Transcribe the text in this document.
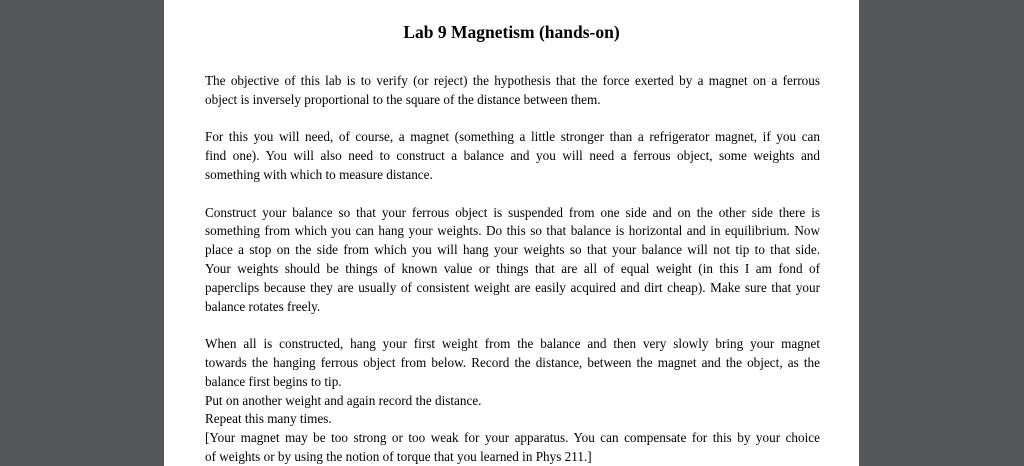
Lab 9 Magnetism (hands-on)

The objective of this lab is to verify (or reject) the hypothesis that the force exerted by a magnet on a ferrous
object is inversely proportional to the square of the distance between them.

For this you will need, of course, a magnet (something a little stronger than a refrigerator magnet, if you can
find one). You will also need to construct a balance and you will need a ferrous object, some weights and
something with which to measure distance.

Construct your balance so that your ferrous object is suspended from one side and on the other side there is
something from which you can hang your weights. Do this so that balance is horizontal and in equilibrium. Now
place a stop on the side from which you will hang your weights so that your balance will not tip to that side.
Your weights should be things of known value or things that are all of equal weight (in this I am fond of
paperclips because they are usually of consistent weight are easily acquired and dirt cheap). Make sure that your
balance rotates freely.

When all is constructed, hang your first weight from the balance and then very slowly bring your magnet
towards the hanging ferrous object from below. Record the distance, between the magnet and the object, as the
balance first begins to tip.
Put on another weight and again record the distance.
Repeat this many times.
[Your magnet may be too strong or too weak for your apparatus. You can compensate for this by your choice
of weights or by using the notion of torque that you learned in Phys 211.]
